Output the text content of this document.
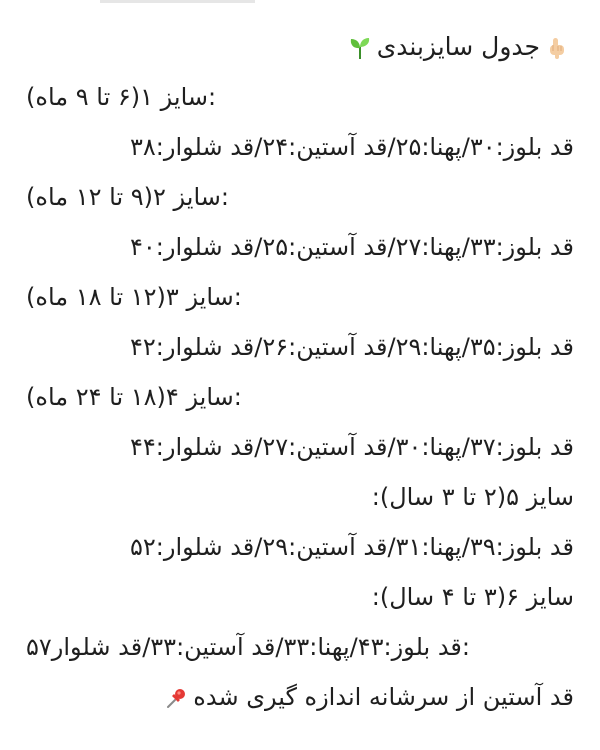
جدول سایزبندی
سایز ۱(۶ تا ۹ ماه):
قد بلوز:۳۰/پهنا:۲۵/قد آستین:۲۴/قد شلوار:۳۸
سایز ۲(۹ تا ۱۲ ماه):
قد بلوز:۳۳/پهنا:۲۷/قد آستین:۲۵/قد شلوار:۴۰
سایز ۳(۱۲ تا ۱۸ ماه):
قد بلوز:۳۵/پهنا:۲۹/قد آستین:۲۶/قد شلوار:۴۲
سایز ۴(۱۸ تا ۲۴ ماه):
قد بلوز:۳۷/پهنا:۳۰/قد آستین:۲۷/قد شلوار:۴۴
سایز ۵(۲ تا ۳ سال):
قد بلوز:۳۹/پهنا:۳۱/قد آستین:۲۹/قد شلوار:۵۲
سایز ۶(۳ تا ۴ سال):
قد بلوز:۴۳/پهنا:۳۳/قد آستین:۳۳/قد شلوار۵۷:
قد آستین از سرشانه اندازه گیری شده
